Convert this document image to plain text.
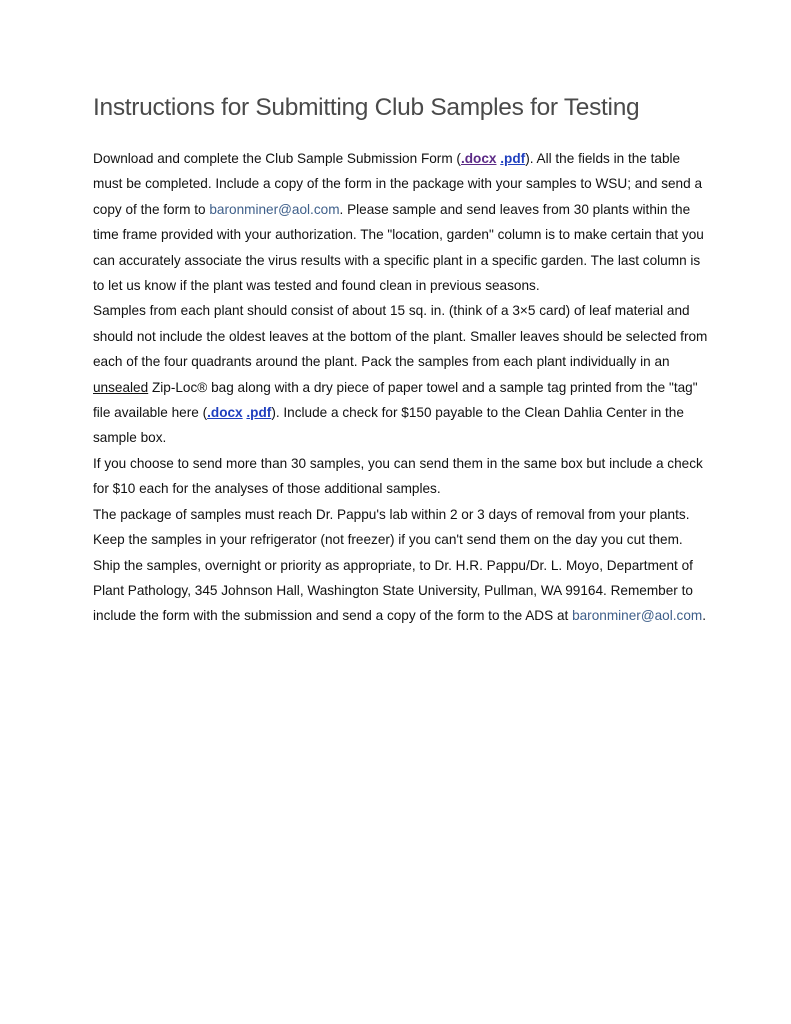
Instructions for Submitting Club Samples for Testing

Download and complete the Club Sample Submission Form (.docx .pdf). All the fields in the table must be completed. Include a copy of the form in the package with your samples to WSU; and send a copy of the form to baronminer@aol.com. Please sample and send leaves from 30 plants within the time frame provided with your authorization. The "location, garden" column is to make certain that you can accurately associate the virus results with a specific plant in a specific garden. The last column is to let us know if the plant was tested and found clean in previous seasons.

Samples from each plant should consist of about 15 sq. in. (think of a 3×5 card) of leaf material and should not include the oldest leaves at the bottom of the plant. Smaller leaves should be selected from each of the four quadrants around the plant. Pack the samples from each plant individually in an unsealed Zip-Loc® bag along with a dry piece of paper towel and a sample tag printed from the "tag" file available here (.docx .pdf). Include a check for $150 payable to the Clean Dahlia Center in the sample box.

If you choose to send more than 30 samples, you can send them in the same box but include a check for $10 each for the analyses of those additional samples.

The package of samples must reach Dr. Pappu's lab within 2 or 3 days of removal from your plants. Keep the samples in your refrigerator (not freezer) if you can't send them on the day you cut them.

Ship the samples, overnight or priority as appropriate, to Dr. H.R. Pappu/Dr. L. Moyo, Department of Plant Pathology, 345 Johnson Hall, Washington State University, Pullman, WA 99164. Remember to include the form with the submission and send a copy of the form to the ADS at baronminer@aol.com.
